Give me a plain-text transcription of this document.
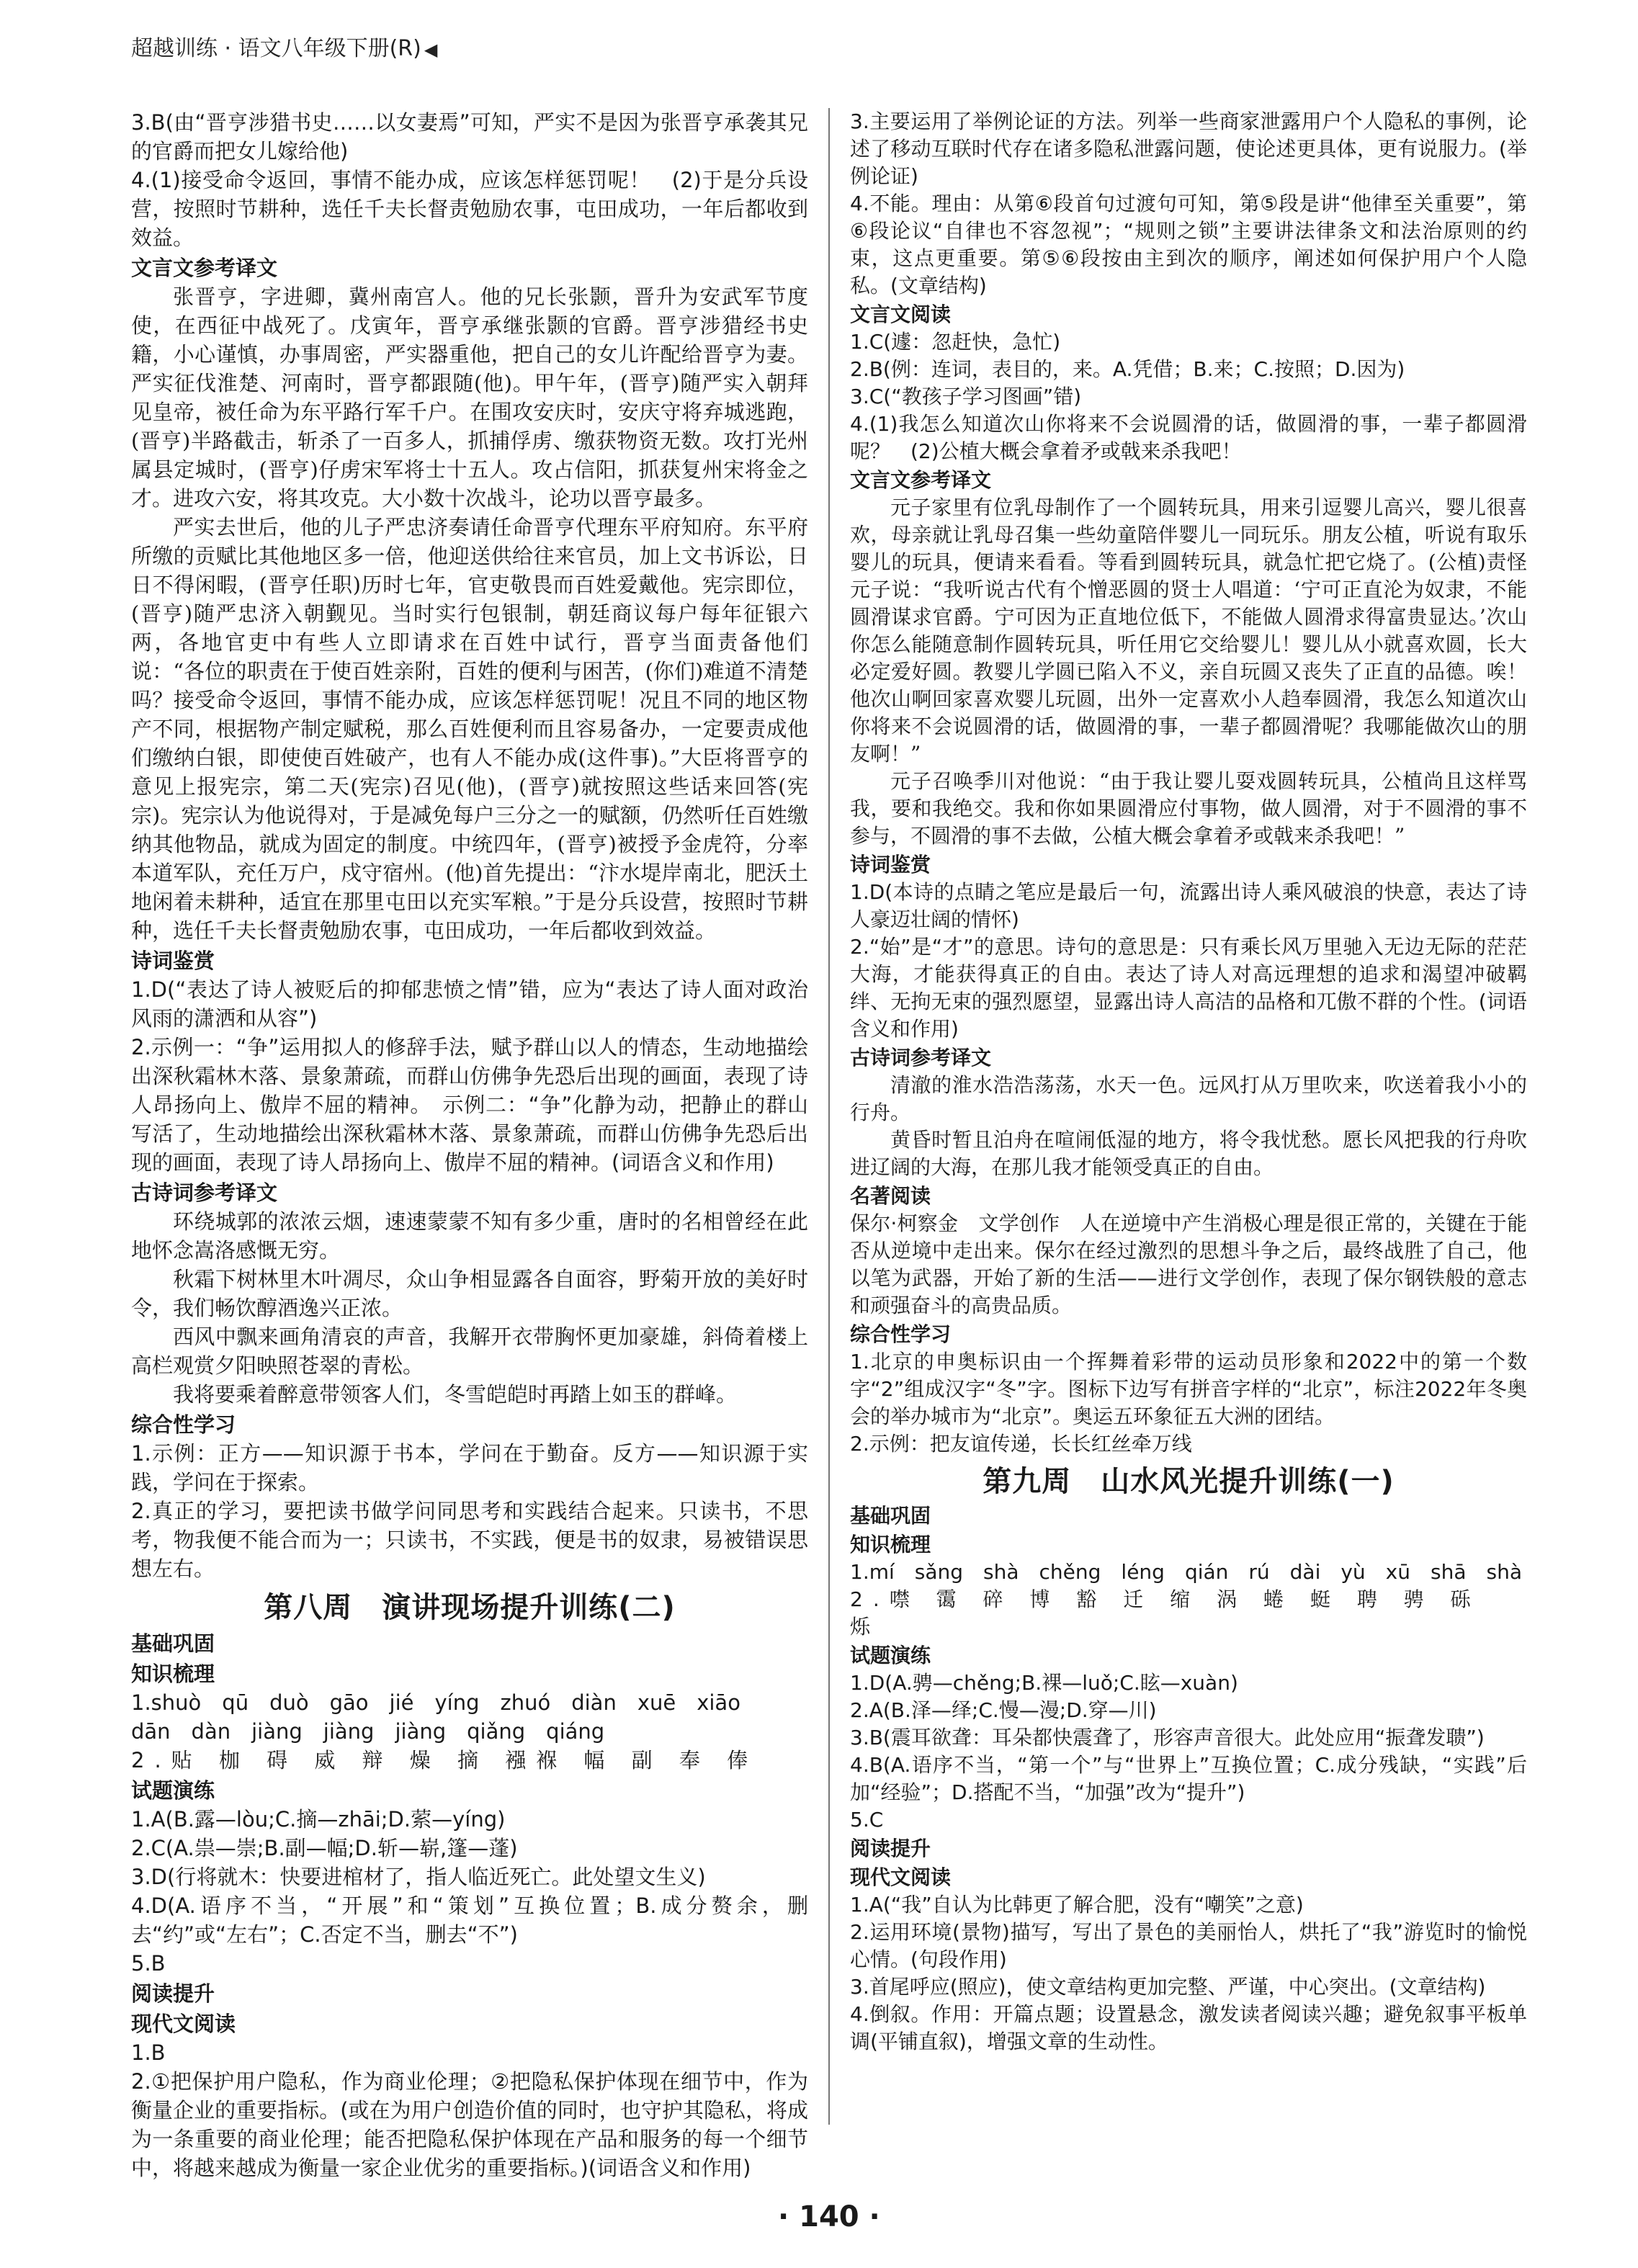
超越训练 · 语文八年级下册(R) ◀
3.B(由“晋亨涉猎书史……以女妻焉”可知，严实不是因为张晋亨承袭其兄的官爵而把女儿嫁给他)
4.(1)接受命令返回，事情不能办成，应该怎样惩罚呢！　(2)于是分兵设营，按照时节耕种，选任千夫长督责勉励农事，屯田成功，一年后都收到效益。
文言文参考译文

张晋亨，字进卿，冀州南宫人。他的兄长张颢，晋升为安武军节度使，在西征中战死了。戊寅年，晋亨承继张颢的官爵。晋亨涉猎经书史籍，小心谨慎，办事周密，严实器重他，把自己的女儿许配给晋亨为妻。严实征伐淮楚、河南时，晋亨都跟随(他)。甲午年，(晋亨)随严实入朝拜见皇帝，被任命为东平路行军千户。在围攻安庆时，安庆守将弃城逃跑，(晋亨)半路截击，斩杀了一百多人，抓捕俘虏、缴获物资无数。攻打光州属县定城时，(晋亨)仔虏宋军将士十五人。攻占信阳，抓获复州宋将金之才。进攻六安，将其攻克。大小数十次战斗，论功以晋亨最多。

严实去世后，他的儿子严忠济奏请任命晋亨代理东平府知府。东平府所缴的贡赋比其他地区多一倍，他迎送供给往来官员，加上文书诉讼，日日不得闲暇，(晋亨任职)历时七年，官吏敬畏而百姓爱戴他。宪宗即位，(晋亨)随严忠济入朝觐见。当时实行包银制，朝廷商议每户每年征银六两，各地官吏中有些人立即请求在百姓中试行，晋亨当面责备他们说：“各位的职责在于使百姓亲附，百姓的便利与困苦，(你们)难道不清楚吗？接受命令返回，事情不能办成，应该怎样惩罚呢！况且不同的地区物产不同，根据物产制定赋税，那么百姓便利而且容易备办，一定要责成他们缴纳白银，即使使百姓破产，也有人不能办成(这件事)。”大臣将晋亨的意见上报宪宗，第二天(宪宗)召见(他)，(晋亨)就按照这些话来回答(宪宗)。宪宗认为他说得对，于是减免每户三分之一的赋额，仍然听任百姓缴纳其他物品，就成为固定的制度。中统四年，(晋亨)被授予金虎符，分率本道军队，充任万户，戍守宿州。(他)首先提出：“汴水堤岸南北，肥沃土地闲着未耕种，适宜在那里屯田以充实军粮。”于是分兵设营，按照时节耕种，选任千夫长督责勉励农事，屯田成功，一年后都收到效益。

诗词鉴赏
1.D(“表达了诗人被贬后的抑郁悲愤之情”错，应为“表达了诗人面对政治风雨的潇洒和从容”)
2.示例一：“争”运用拟人的修辞手法，赋予群山以人的情态，生动地描绘出深秋霜林木落、景象萧疏，而群山仿佛争先恐后出现的画面，表现了诗人昂扬向上、傲岸不屈的精神。　示例二：“争”化静为动，把静止的群山写活了，生动地描绘出深秋霜林木落、景象萧疏，而群山仿佛争先恐后出现的画面，表现了诗人昂扬向上、傲岸不屈的精神。(词语含义和作用)
古诗词参考译文

环绕城郭的浓浓云烟，速速蒙蒙不知有多少重，唐时的名相曾经在此地怀念嵩洛感慨无穷。

秋霜下树林里木叶凋尽，众山争相显露各自面容，野菊开放的美好时令，我们畅饮醇酒逸兴正浓。

西风中飘来画角清哀的声音，我解开衣带胸怀更加豪雄，斜倚着楼上高栏观赏夕阳映照苍翠的青松。

我将要乘着醉意带领客人们，冬雪皑皑时再踏上如玉的群峰。

综合性学习
1.示例：正方——知识源于书本，学问在于勤奋。反方——知识源于实践，学问在于探索。
2.真正的学习，要把读书做学问同思考和实践结合起来。只读书，不思考，物我便不能合而为一；只读书，不实践，便是书的奴隶，易被错误思想左右。
第八周　演讲现场提升训练(二)
基础巩固
知识梳理
1.shuò　qū　duò　gāo　jié　yíng　zhuó　diàn　xuē　xiāo
dān　dàn　jiàng　jiàng　jiàng　qiǎng　qiáng
2.贴 枷 碍 威 辩 燥 摘 襁褓 幅 副 奉 俸
试题演练
1.A(B.露—lòu;C.摘—zhāi;D.萦—yíng)
2.C(A.祟—崇;B.副—幅;D.斩—崭,篷—蓬)
3.D(行将就木：快要进棺材了，指人临近死亡。此处望文生义)
4.D(A.语序不当，“开展”和“策划”互换位置；B.成分赘余，删去“约”或“左右”；C.否定不当，删去“不”)
5.B
阅读提升
现代文阅读
1.B
2.①把保护用户隐私，作为商业伦理；②把隐私保护体现在细节中，作为衡量企业的重要指标。(或在为用户创造价值的同时，也守护其隐私，将成为一条重要的商业伦理；能否把隐私保护体现在产品和服务的每一个细节中，将越来越成为衡量一家企业优劣的重要指标。)(词语含义和作用)
3.主要运用了举例论证的方法。列举一些商家泄露用户个人隐私的事例，论述了移动互联时代存在诸多隐私泄露问题，使论述更具体，更有说服力。(举例论证)
4.不能。理由：从第⑥段首句过渡句可知，第⑤段是讲“他律至关重要”，第⑥段论议“自律也不容忽视”；“规则之锁”主要讲法律条文和法治原则的约束，这点更重要。第⑤⑥段按由主到次的顺序，阐述如何保护用户个人隐私。(文章结构)
文言文阅读
1.C(遽：忽赶快，急忙)
2.B(例：连词，表目的，来。A.凭借；B.来；C.按照；D.因为)
3.C(“教孩子学习图画”错)
4.(1)我怎么知道次山你将来不会说圆滑的话，做圆滑的事，一辈子都圆滑呢？　(2)公植大概会拿着矛或戟来杀我吧！
文言文参考译文

元子家里有位乳母制作了一个圆转玩具，用来引逗婴儿高兴，婴儿很喜欢，母亲就让乳母召集一些幼童陪伴婴儿一同玩乐。朋友公植，听说有取乐婴儿的玩具，便请来看看。等看到圆转玩具，就急忙把它烧了。(公植)责怪元子说：“我听说古代有个憎恶圆的贤士人唱道：‘宁可正直沦为奴隶，不能圆滑谋求官爵。宁可因为正直地位低下，不能做人圆滑求得富贵显达。’次山你怎么能随意制作圆转玩具，听任用它交给婴儿！婴儿从小就喜欢圆，长大必定爱好圆。教婴儿学圆已陷入不义，亲自玩圆又丧失了正直的品德。唉！他次山啊回家喜欢婴儿玩圆，出外一定喜欢小人趋奉圆滑，我怎么知道次山你将来不会说圆滑的话，做圆滑的事，一辈子都圆滑呢？我哪能做次山的朋友啊！”

元子召唤季川对他说：“由于我让婴儿耍戏圆转玩具，公植尚且这样骂我，要和我绝交。我和你如果圆滑应付事物，做人圆滑，对于不圆滑的事不参与，不圆滑的事不去做，公植大概会拿着矛或戟来杀我吧！”

诗词鉴赏
1.D(本诗的点睛之笔应是最后一句，流露出诗人乘风破浪的快意，表达了诗人豪迈壮阔的情怀)
2.“始”是“才”的意思。诗句的意思是：只有乘长风万里驰入无边无际的茫茫大海，才能获得真正的自由。表达了诗人对高远理想的追求和渴望冲破羁绊、无拘无束的强烈愿望，显露出诗人高洁的品格和兀傲不群的个性。(词语含义和作用)
古诗词参考译文

清澈的淮水浩浩荡荡，水天一色。远风打从万里吹来，吹送着我小小的行舟。

黄昏时暂且泊舟在喧闹低湿的地方，将令我忧愁。愿长风把我的行舟吹进辽阔的大海，在那儿我才能领受真正的自由。

名著阅读
保尔·柯察金　文学创作　人在逆境中产生消极心理是很正常的，关键在于能否从逆境中走出来。保尔在经过激烈的思想斗争之后，最终战胜了自己，他以笔为武器，开始了新的生活——进行文学创作，表现了保尔钢铁般的意志和顽强奋斗的高贵品质。
综合性学习
1.北京的申奥标识由一个挥舞着彩带的运动员形象和2022中的第一个数字“2”组成汉字“冬”字。图标下边写有拼音字样的“北京”，标注2022年冬奥会的举办城市为“北京”。奥运五环象征五大洲的团结。
2.示例：把友谊传递，长长红丝牵万线
第九周　山水风光提升训练(一)
基础巩固
知识梳理
1.mí　sǎng　shà　chěng　léng　qián　rú　dài　yù　xū　shā　shà
2.噤 霭 碎 博 豁 迁 缩 涡 蜷 蜓 聘 骋 砾 烁
试题演练
1.D(A.骋—chěng;B.裸—luǒ;C.眩—xuàn)
2.A(B.泽—绎;C.慢—漫;D.穿—川)
3.B(震耳欲聋：耳朵都快震聋了，形容声音很大。此处应用“振聋发聩”)
4.B(A.语序不当，“第一个”与“世界上”互换位置；C.成分残缺，“实践”后加“经验”；D.搭配不当，“加强”改为“提升”)
5.C
阅读提升
现代文阅读
1.A(“我”自认为比韩更了解合肥，没有“嘲笑”之意)
2.运用环境(景物)描写，写出了景色的美丽怡人，烘托了“我”游览时的愉悦心情。(句段作用)
3.首尾呼应(照应)，使文章结构更加完整、严谨，中心突出。(文章结构)
4.倒叙。作用：开篇点题；设置悬念，激发读者阅读兴趣；避免叙事平板单调(平铺直叙)，增强文章的生动性。
· 140 ·
